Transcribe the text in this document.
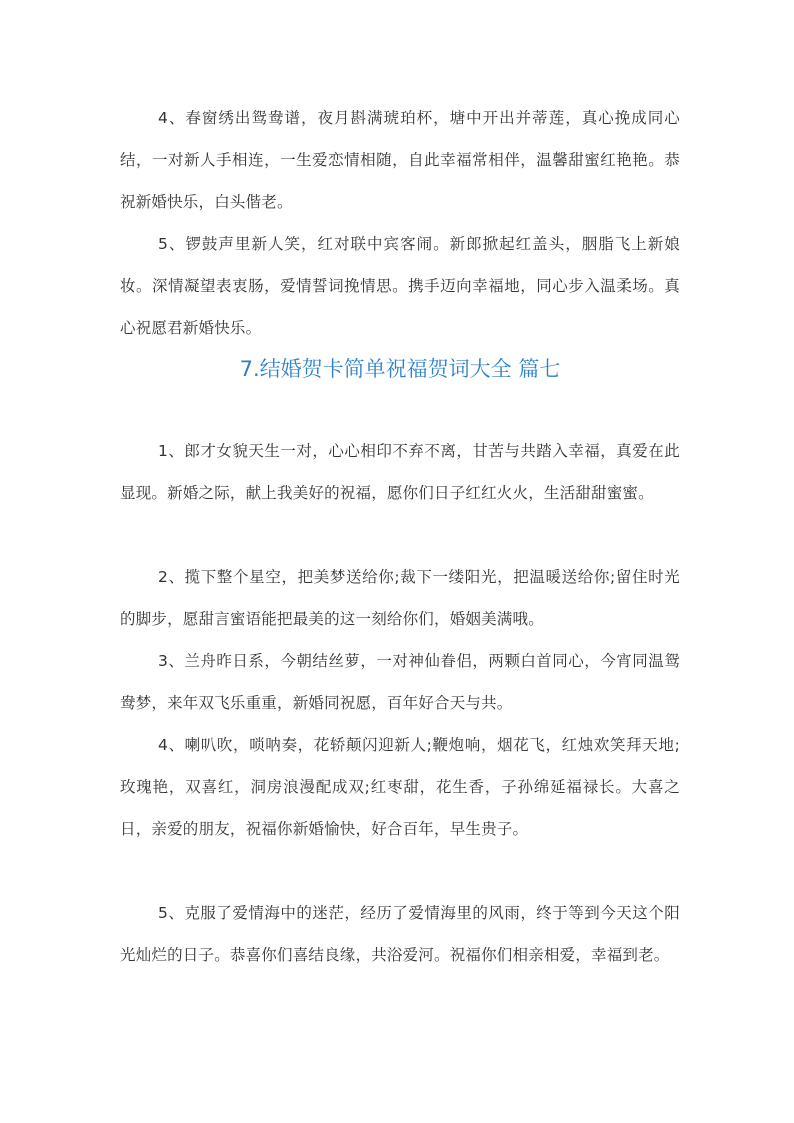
4、春窗绣出鸳鸯谱，夜月斟满琥珀杯，塘中开出并蒂莲，真心挽成同心结，一对新人手相连，一生爱恋情相随，自此幸福常相伴，温馨甜蜜红艳艳。恭祝新婚快乐，白头偕老。

5、锣鼓声里新人笑，红对联中宾客闹。新郎掀起红盖头，胭脂飞上新娘妆。深情凝望表衷肠，爱情誓词挽情思。携手迈向幸福地，同心步入温柔场。真心祝愿君新婚快乐。

7.结婚贺卡简单祝福贺词大全 篇七

1、郎才女貌天生一对，心心相印不弃不离，甘苦与共踏入幸福，真爱在此显现。新婚之际，献上我美好的祝福，愿你们日子红红火火，生活甜甜蜜蜜。

2、揽下整个星空，把美梦送给你;裁下一缕阳光，把温暖送给你;留住时光的脚步，愿甜言蜜语能把最美的这一刻给你们，婚姻美满哦。

3、兰舟昨日系，今朝结丝萝，一对神仙眷侣，两颗白首同心，今宵同温鸳鸯梦，来年双飞乐重重，新婚同祝愿，百年好合天与共。

4、喇叭吹，唢呐奏，花轿颠闪迎新人;鞭炮响，烟花飞，红烛欢笑拜天地;玫瑰艳，双喜红，洞房浪漫配成双;红枣甜，花生香，子孙绵延福禄长。大喜之日，亲爱的朋友，祝福你新婚愉快，好合百年，早生贵子。

5、克服了爱情海中的迷茫，经历了爱情海里的风雨，终于等到今天这个阳光灿烂的日子。恭喜你们喜结良缘，共浴爱河。祝福你们相亲相爱，幸福到老。
